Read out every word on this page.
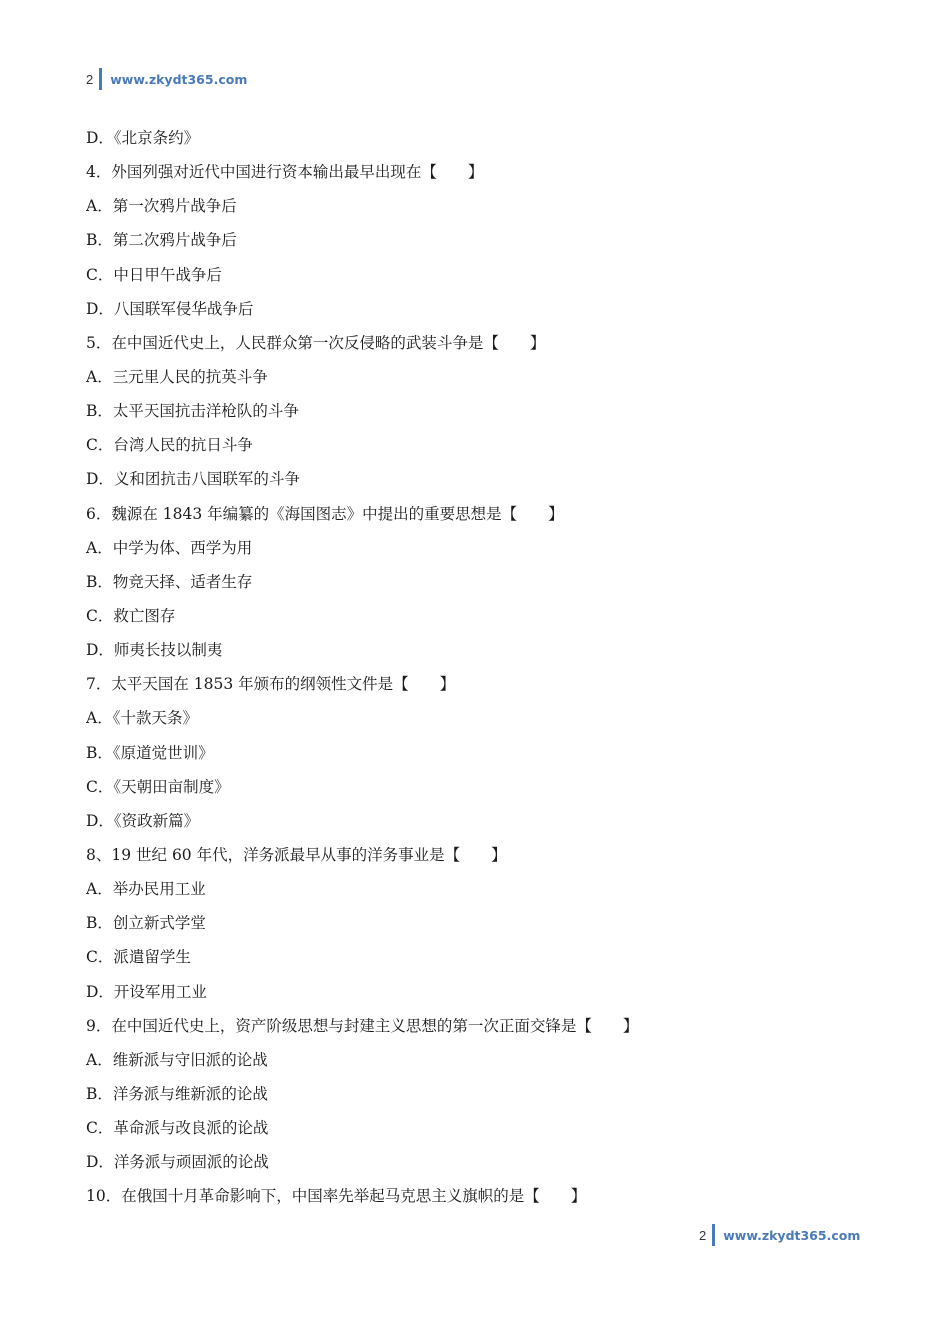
2 www.zkydt365.com
D．《北京条约》
4．外国列强对近代中国进行资本输出最早出现在【　　】
A．第一次鸦片战争后
B．第二次鸦片战争后
C．中日甲午战争后
D．八国联军侵华战争后
5．在中国近代史上，人民群众第一次反侵略的武装斗争是【　　】
A．三元里人民的抗英斗争
B．太平天国抗击洋枪队的斗争
C．台湾人民的抗日斗争
D．义和团抗击八国联军的斗争
6．魏源在 1843 年编纂的《海国图志》中提出的重要思想是【　　】
A．中学为体、西学为用
B．物竞天择、适者生存
C．救亡图存
D．师夷长技以制夷
7．太平天国在 1853 年颁布的纲领性文件是【　　】
A．《十款天条》
B．《原道觉世训》
C．《天朝田亩制度》
D．《资政新篇》
8、19 世纪 60 年代，洋务派最早从事的洋务事业是【　　】
A．举办民用工业
B．创立新式学堂
C．派遣留学生
D．开设军用工业
9．在中国近代史上，资产阶级思想与封建主义思想的第一次正面交锋是【　　】
A．维新派与守旧派的论战
B．洋务派与维新派的论战
C．革命派与改良派的论战
D．洋务派与顽固派的论战
10．在俄国十月革命影响下，中国率先举起马克思主义旗帜的是【　　】
2 www.zkydt365.com
